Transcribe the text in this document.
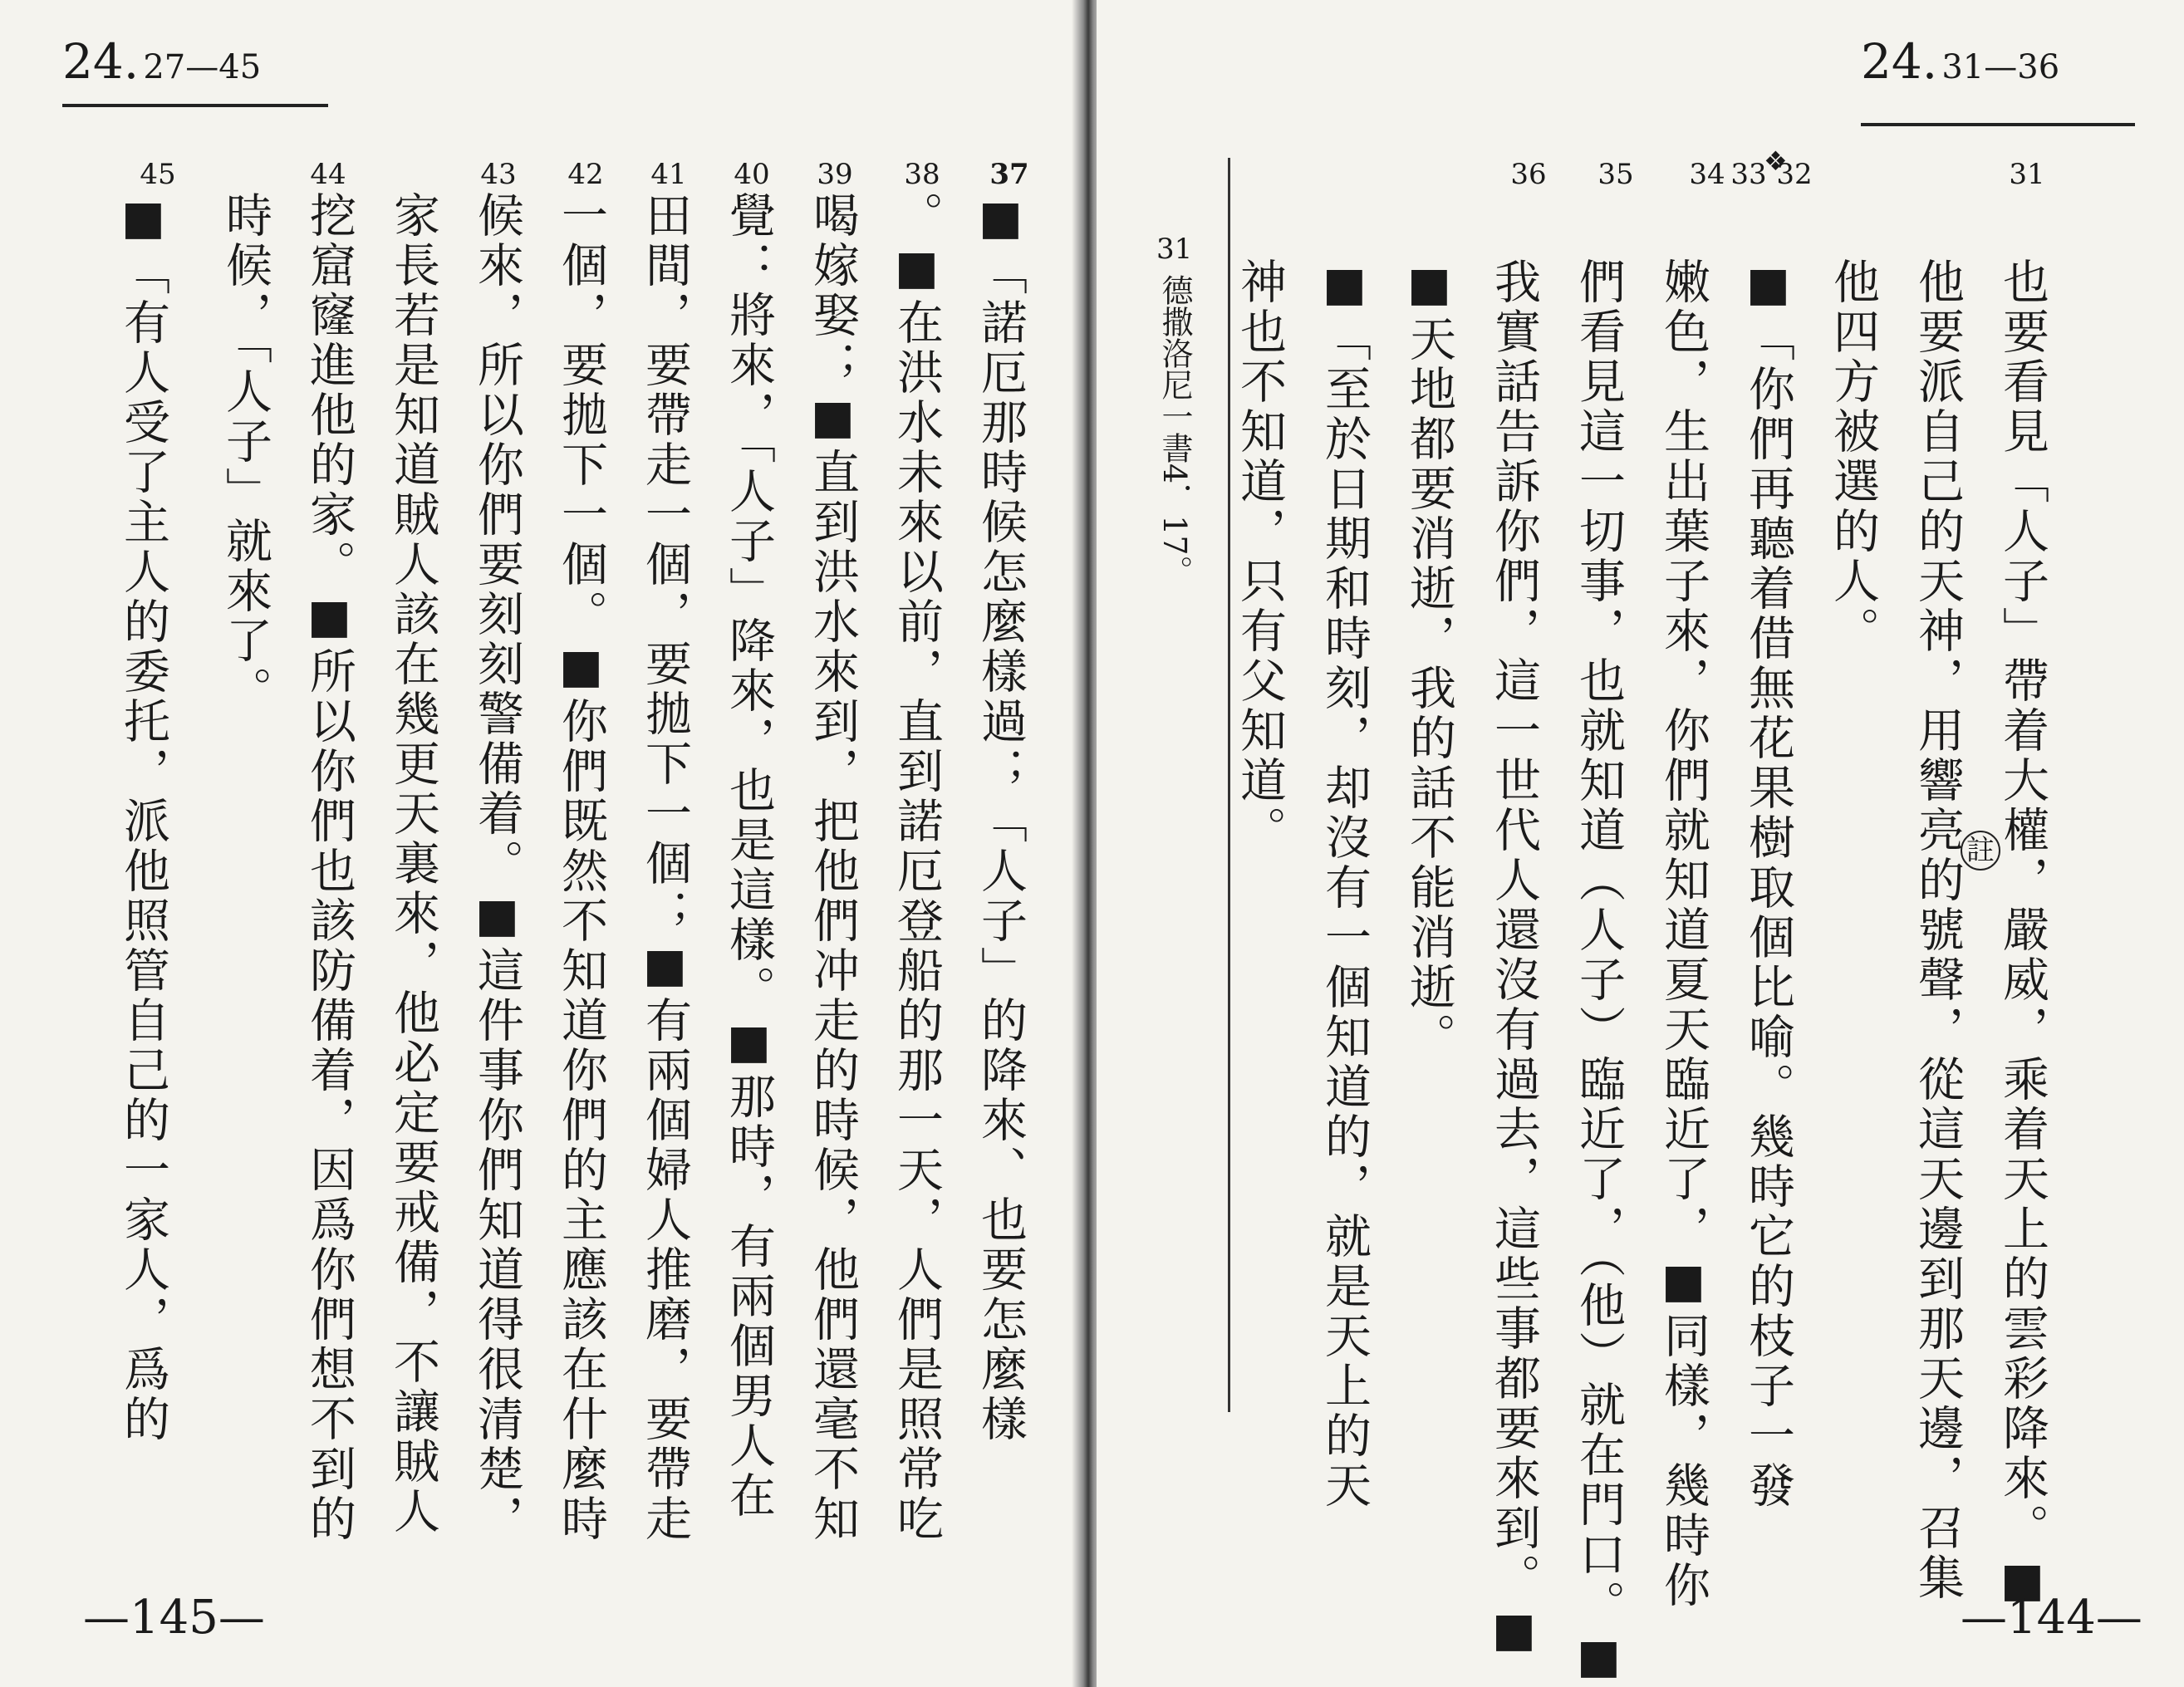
24. 27—45
45	44	43 42 41 40 39 38 37
■「諾厄那時候怎麼樣過；「人子」的降來、也要怎麼樣
。■在洪水未來以前，直到諾厄登船的那一天，人們是照常吃
喝嫁娶；■直到洪水來到，把他們冲走的時候，他們還毫不知
覺：將來，「人子」降來，也是這樣。■那時，有兩個男人在
田間，要帶走一個，要拋下一個；■有兩個婦人推磨，要帶走
一個，要拋下一個。■你們既然不知道你們的主應該在什麼時
候來，所以你們要刻刻警備着。■這件事你們知道得很清楚，
家長若是知道賊人該在幾更天裏來，他必定要戒備，不讓賊人
挖窟窿進他的家。■所以你們也該防備着，因爲你們想不到的
時候，「人子」就來了。
■「有人受了主人的委托，派他照管自己的一家人，爲的
—145—
24. 31—36
31
32
33
34
35
36
也要看見「人子」帶着大權，嚴威，乘着天上的雲彩降來。■
他要派自己的天神，用響亮的號聲，從這天邊到那天邊，召集
他四方被選的人。
■「你們再聽着借無花果樹取個比喻。幾時它的枝子一發
嫩色，生出葉子來，你們就知道夏天臨近了，■同樣，幾時你
們看見這一切事，也就知道（人子）臨近了，（他）就在門口。■
我實話告訴你們，這一世代人還沒有過去，這些事都要來到。■
■天地都要消逝，我的話不能消逝。
■「至於日期和時刻，却沒有一個知道的，就是天上的天
神也不知道，只有父知道。	註
❖
31
德撒洛尼一書4．17。
—144—
